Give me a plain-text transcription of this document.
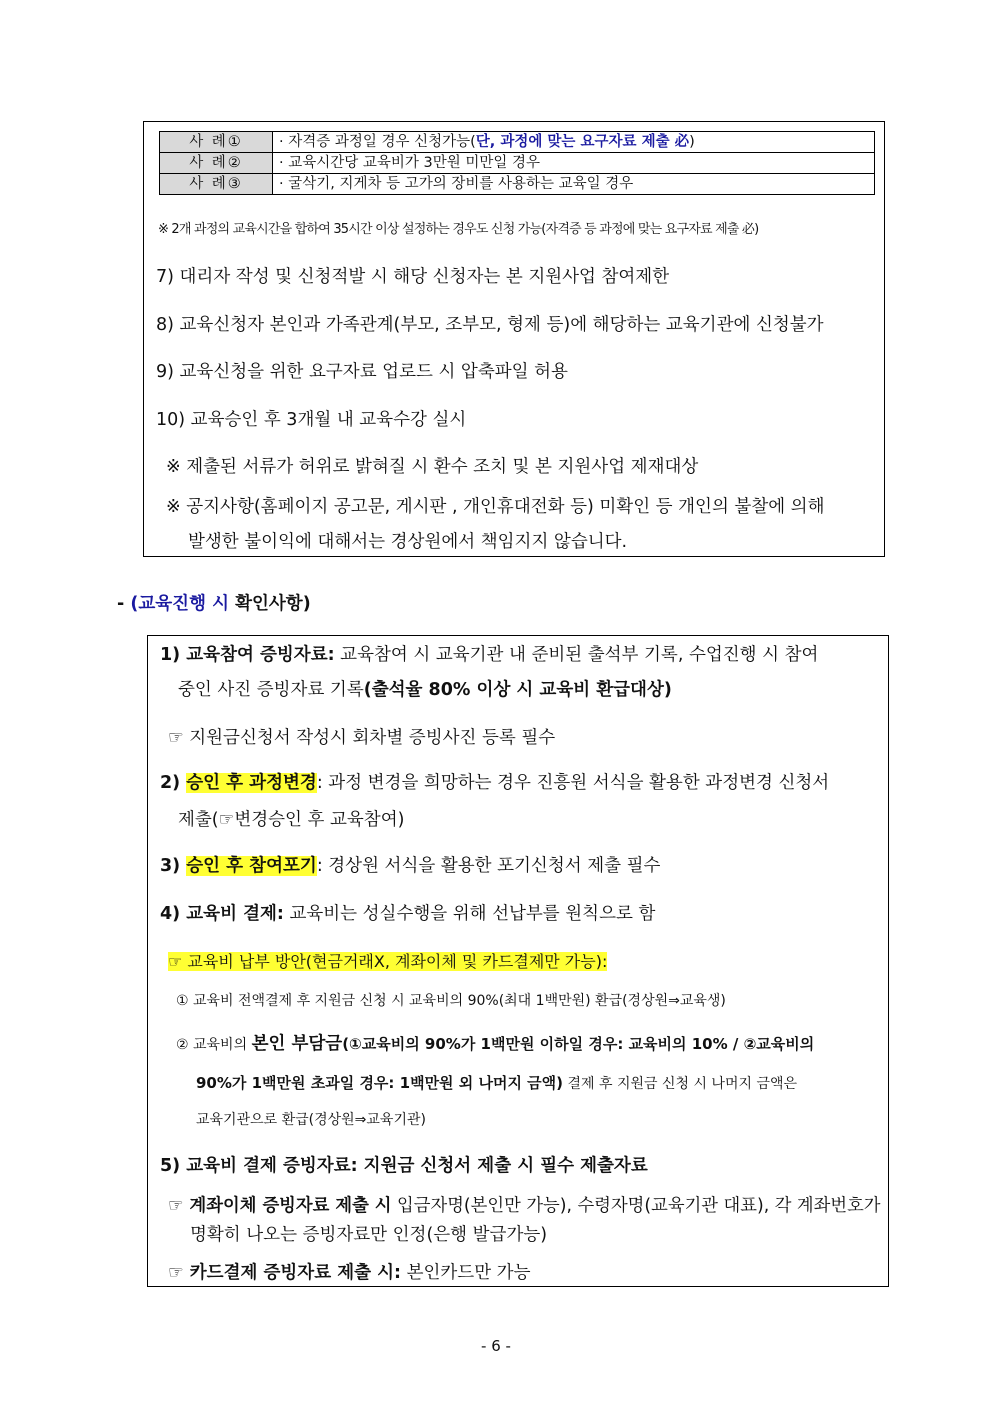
사 례①	· 자격증 과정일 경우 신청가능(단, 과정에 맞는 요구자료 제출 必)
사 례②	· 교육시간당 교육비가 3만원 미만일 경우
사 례③	· 굴삭기, 지게차 등 고가의 장비를 사용하는 교육일 경우
※ 2개 과정의 교육시간을 합하여 35시간 이상 설정하는 경우도 신청 가능(자격증 등 과정에 맞는 요구자료 제출 必)
7) 대리자 작성 및 신청적발 시 해당 신청자는 본 지원사업 참여제한
8) 교육신청자 본인과 가족관계(부모, 조부모, 형제 등)에 해당하는 교육기관에 신청불가
9) 교육신청을 위한 요구자료 업로드 시 압축파일 허용
10) 교육승인 후 3개월 내 교육수강 실시
※ 제출된 서류가 허위로 밝혀질 시 환수 조치 및 본 지원사업 제재대상
※ 공지사항(홈페이지 공고문, 게시판 , 개인휴대전화 등) 미확인 등 개인의 불찰에 의해
발생한 불이익에 대해서는 경상원에서 책임지지 않습니다.
- (교육진행 시 확인사항)
1) 교육참여 증빙자료: 교육참여 시 교육기관 내 준비된 출석부 기록, 수업진행 시 참여
중인 사진 증빙자료 기록(출석율 80% 이상 시 교육비 환급대상)
☞ 지원금신청서 작성시 회차별 증빙사진 등록 필수
2) 승인 후 과정변경: 과정 변경을 희망하는 경우 진흥원 서식을 활용한 과정변경 신청서
제출(☞변경승인 후 교육참여)
3) 승인 후 참여포기: 경상원 서식을 활용한 포기신청서 제출 필수
4) 교육비 결제: 교육비는 성실수행을 위해 선납부를 원칙으로 함
☞ 교육비 납부 방안(현금거래X, 계좌이체 및 카드결제만 가능):
① 교육비 전액결제 후 지원금 신청 시 교육비의 90%(최대 1백만원) 환급(경상원⇒교육생)
② 교육비의 본인 부담금(①교육비의 90%가 1백만원 이하일 경우: 교육비의 10% / ②교육비의
90%가 1백만원 초과일 경우: 1백만원 외 나머지 금액) 결제 후 지원금 신청 시 나머지 금액은
교육기관으로 환급(경상원⇒교육기관)
5) 교육비 결제 증빙자료: 지원금 신청서 제출 시 필수 제출자료
☞ 계좌이체 증빙자료 제출 시 입금자명(본인만 가능), 수령자명(교육기관 대표), 각 계좌번호가
명확히 나오는 증빙자료만 인정(은행 발급가능)
☞ 카드결제 증빙자료 제출 시: 본인카드만 가능
- 6 -
